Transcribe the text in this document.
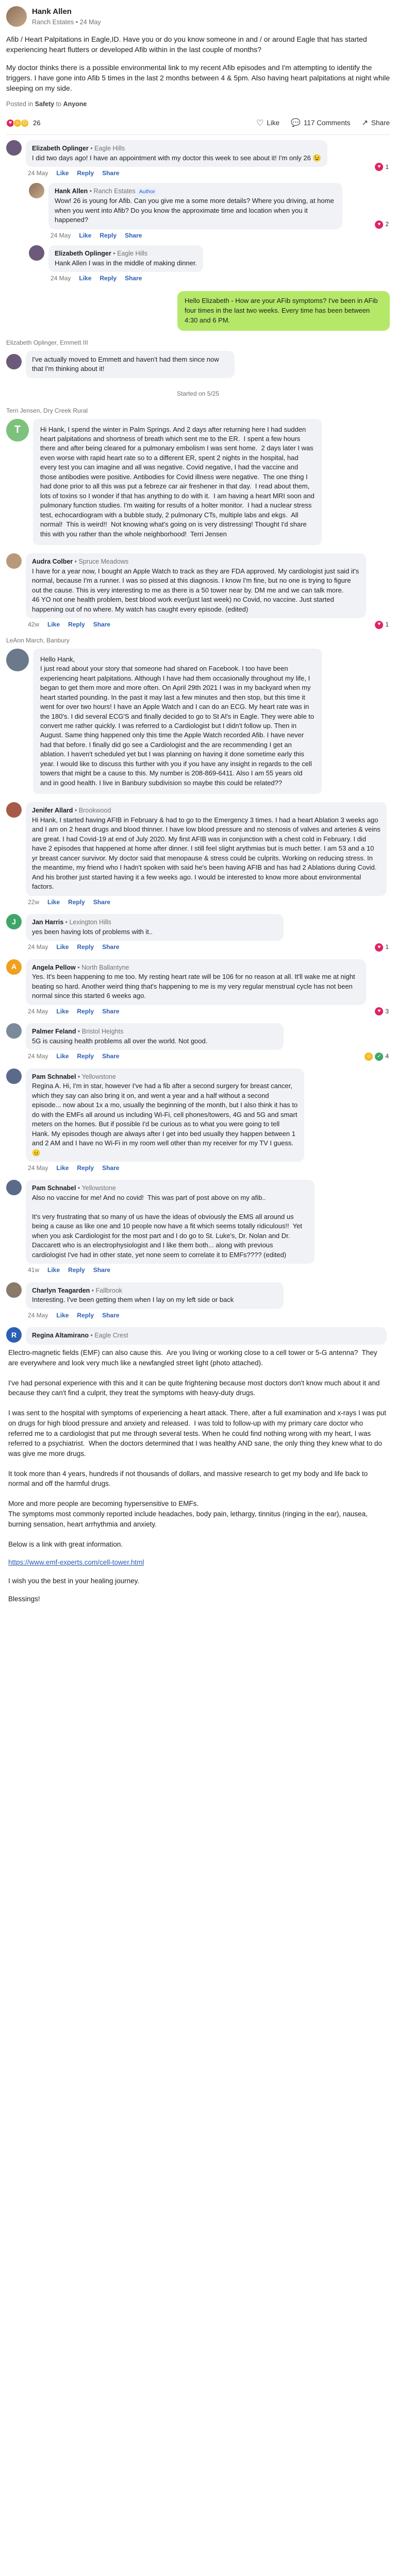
Hank Allen
Ranch Estates • 24 May

Afib / Heart Palpitations in Eagle,ID. Have you or do you know someone in and / or around Eagle that has started experiencing heart flutters or developed Afib within in the last couple of months?

My doctor thinks there is a possible environmental link to my recent Afib episodes and I'm attempting to identify the triggers. I have gone into Afib 5 times in the last 2 months between 4 & 5pm. Also having heart palpitations at night while sleeping on my side.

Posted in Safety to Anyone
♥ ☺ ☹ 26	♡ Like 💬 117 Comments ↗ Share
Elizabeth Oplinger • Eagle Hills
I did two days ago! I have an appointment with my doctor this week to see about it! I'm only 26 😉
24 May Like Reply Share
♥ 1
Hank Allen • Ranch Estates Author
Wow! 26 is young for Afib. Can you give me a some more details? Where you driving, at home when you went into Afib? Do you know the approximate time and location when you it happened?
24 May Like Reply Share
♥ 2
Elizabeth Oplinger • Eagle Hills
Hank Allen I was in the middle of making dinner.
24 May Like Reply Share
Hello Elizabeth - How are your AFib symptoms? I've been in AFib four times in the last two weeks. Every time has been between 4:30 and 6 PM.
Elizabeth Oplinger, Emmett III
I've actually moved to Emmett and haven't had them since now that I'm thinking about it!
Started on 5/25
Terri Jensen, Dry Creek Rural
T	Hi Hank, I spend the winter in Palm Springs. And 2 days after returning here I had sudden heart palpitations and shortness of breath which sent me to the ER.  I spent a few hours there and after being cleared for a pulmonary embolism I was sent home.  2 days later I was even worse with rapid heart rate so to a different ER, spent 2 nights in the hospital, had every test you can imagine and all was negative. Covid negative, I had the vaccine and those antibodies were positive. Antibodies for Covid illness were negative.  The one thing I had done prior to all this was put a febreze car air freshener in that day.  I read about them, lots of toxins so I wonder if that has anything to do with it.  I am having a heart MRI soon and pulmonary function studies. I'm waiting for results of a holter monitor.  I had a nuclear stress test, echocardiogram with a bubble study, 2 pulmonary CTs, multiple labs and ekgs.  All normal!  This is weird!!  Not knowing what's going on is very distressing! Thought I'd share this with you rather than the whole neighborhood!  Terri Jensen
Audra Colber • Spruce Meadows
I have for a year now, I bought an Apple Watch to track as they are FDA approved. My cardiologist just said it's normal, because I'm a runner. I was so pissed at this diagnosis. I know I'm fine, but no one is trying to figure out the cause. This is very interesting to me as there is a 50 tower near by. DM me and we can talk more.
46 YO not one health problem, best blood work ever(just last week) no Covid, no vaccine. Just started happening out of no where. My watch has caught every episode. (edited)
42w Like Reply Share	♥ 1
LeAnn March, Banbury
Hello Hank,
I just read about your story that someone had shared on Facebook. I too have been experiencing heart palpitations. Although I have had them occasionally throughout my life, I began to get them more and more often. On April 29th 2021 I was in my backyard when my heart started pounding. In the past it may last a few minutes and then stop, but this time it went for over two hours! I have an Apple Watch and I can do an ECG. My heart rate was in the 180's. I did several ECG'S and finally decided to go to St Al's in Eagle. They were able to convert me rather quickly. I was referred to a Cardiologist but I didn't follow up. Then in August. Same thing happened only this time the Apple Watch recorded Afib. I have never had that before. I finally did go see a Cardiologist and the are recommending I get an ablation. I haven't scheduled yet but I was planning on having it done sometime early this year. I would like to discuss this further with you if you have any insight in regards to the cell towers that might be a cause to this. My number is 208-869-6411. Also I am 55 years old and in good health. I live in Banbury subdivision so maybe this could be related??
Jenifer Allard • Brookwood
Hi Hank, I started having AFIB in February & had to go to the Emergency 3 times. I had a heart Ablation 3 weeks ago and I am on 2 heart drugs and blood thinner. I have low blood pressure and no stenosis of valves and arteries & veins are great. I had Covid-19 at end of July 2020. My first AFIB was in conjunction with a chest cold in February. I did have 2 episodes that happened at home after dinner. I still feel slight arythmias but is much better. I am 53 and a 10 yr breast cancer survivor. My doctor said that menopause & stress could be culprits. Working on reducing stress. In the meantime, my friend who I hadn't spoken with said he's been having AFIB and has had 2 Ablations during Covid. And his brother just started having it a few weeks ago. I would be interested to know more about environmental factors.
22w Like Reply Share
J	Jan Harris • Lexington Hills
yes been having lots of problems with it..
24 May Like Reply Share	♥ 1
A	Angela Pellow • North Ballantyne
Yes. It's been happening to me too. My resting heart rate will be 106 for no reason at all. It'll wake me at night beating so hard. Another weird thing that's happening to me is my very regular menstrual cycle has not been normal since this started 6 weeks ago.
24 May Like Reply Share	♥ 3
Palmer Feland • Bristol Heights
5G is causing health problems all over the world. Not good.
24 May Like Reply Share	☺	✓ 4
Pam Schnabel • Yellowstone
Regina A. Hi, I'm in star, however I've had a fib after a second surgery for breast cancer, which they say can also bring it on, and went a year and a half without a second episode... now about 1x a mo, usually the beginning of the month, but I also think it has to do with the EMFs all around us including Wi-Fi, cell phones/towers, 4G and 5G and smart meters on the homes. But if possible I'd be curious as to what you were going to tell Hank. My episodes though are always after I get into bed usually they happen between 1 and 2 AM and I have no Wi-Fi in my room well other than my receiver for my TV I guess.😐
24 May Like Reply Share
Pam Schnabel • Yellowstone
Also no vaccine for me! And no covid!  This was part of post above on my afib..

It's very frustrating that so many of us have the ideas of obviously the EMS all around us being a cause as like one and 10 people now have a fit which seems totally ridiculous!!  Yet when you ask Cardiologist for the most part and I do go to St. Luke's, Dr. Nolan and Dr. Daccarett who is an electrophysiologist and I like them both... along with previous cardiologist I've had in other state, yet none seem to correlate it to EMFs???? (edited)
41w Like Reply Share
Charlyn Teagarden • Fallbrook
Interesting. I've been getting them when I lay on my left side or back
24 May Like Reply Share
R	Regina Altamirano • Eagle Crest
Electro-magnetic fields (EMF) can also cause this.  Are you living or working close to a cell tower or 5-G antenna?  They are everywhere and look very much like a newfangled street light (photo attached).

I've had personal experience with this and it can be quite frightening because most doctors don't know much about it and because they can't find a culprit, they treat the symptoms with heavy-duty drugs.

I was sent to the hospital with symptoms of experiencing a heart attack. There, after a full examination and x-rays I was put on drugs for high blood pressure and anxiety and released.  I was told to follow-up with my primary care doctor who referred me to a cardiologist that put me through several tests. When he could find nothing wrong with my heart, I was referred to a psychiatrist.  When the doctors determined that I was healthy AND sane, the only thing they knew what to do was give me more drugs.

It took more than 4 years, hundreds if not thousands of dollars, and massive research to get my body and life back to normal and off the harmful drugs.

More and more people are becoming hypersensitive to EMFs.
The symptoms most commonly reported include headaches, body pain, lethargy, tinnitus (ringing in the ear), nausea, burning sensation, heart arrhythmia and anxiety.

Below is a link with great information.
https://www.emf-experts.com/cell-tower.html
I wish you the best in your healing journey.
Blessings!
